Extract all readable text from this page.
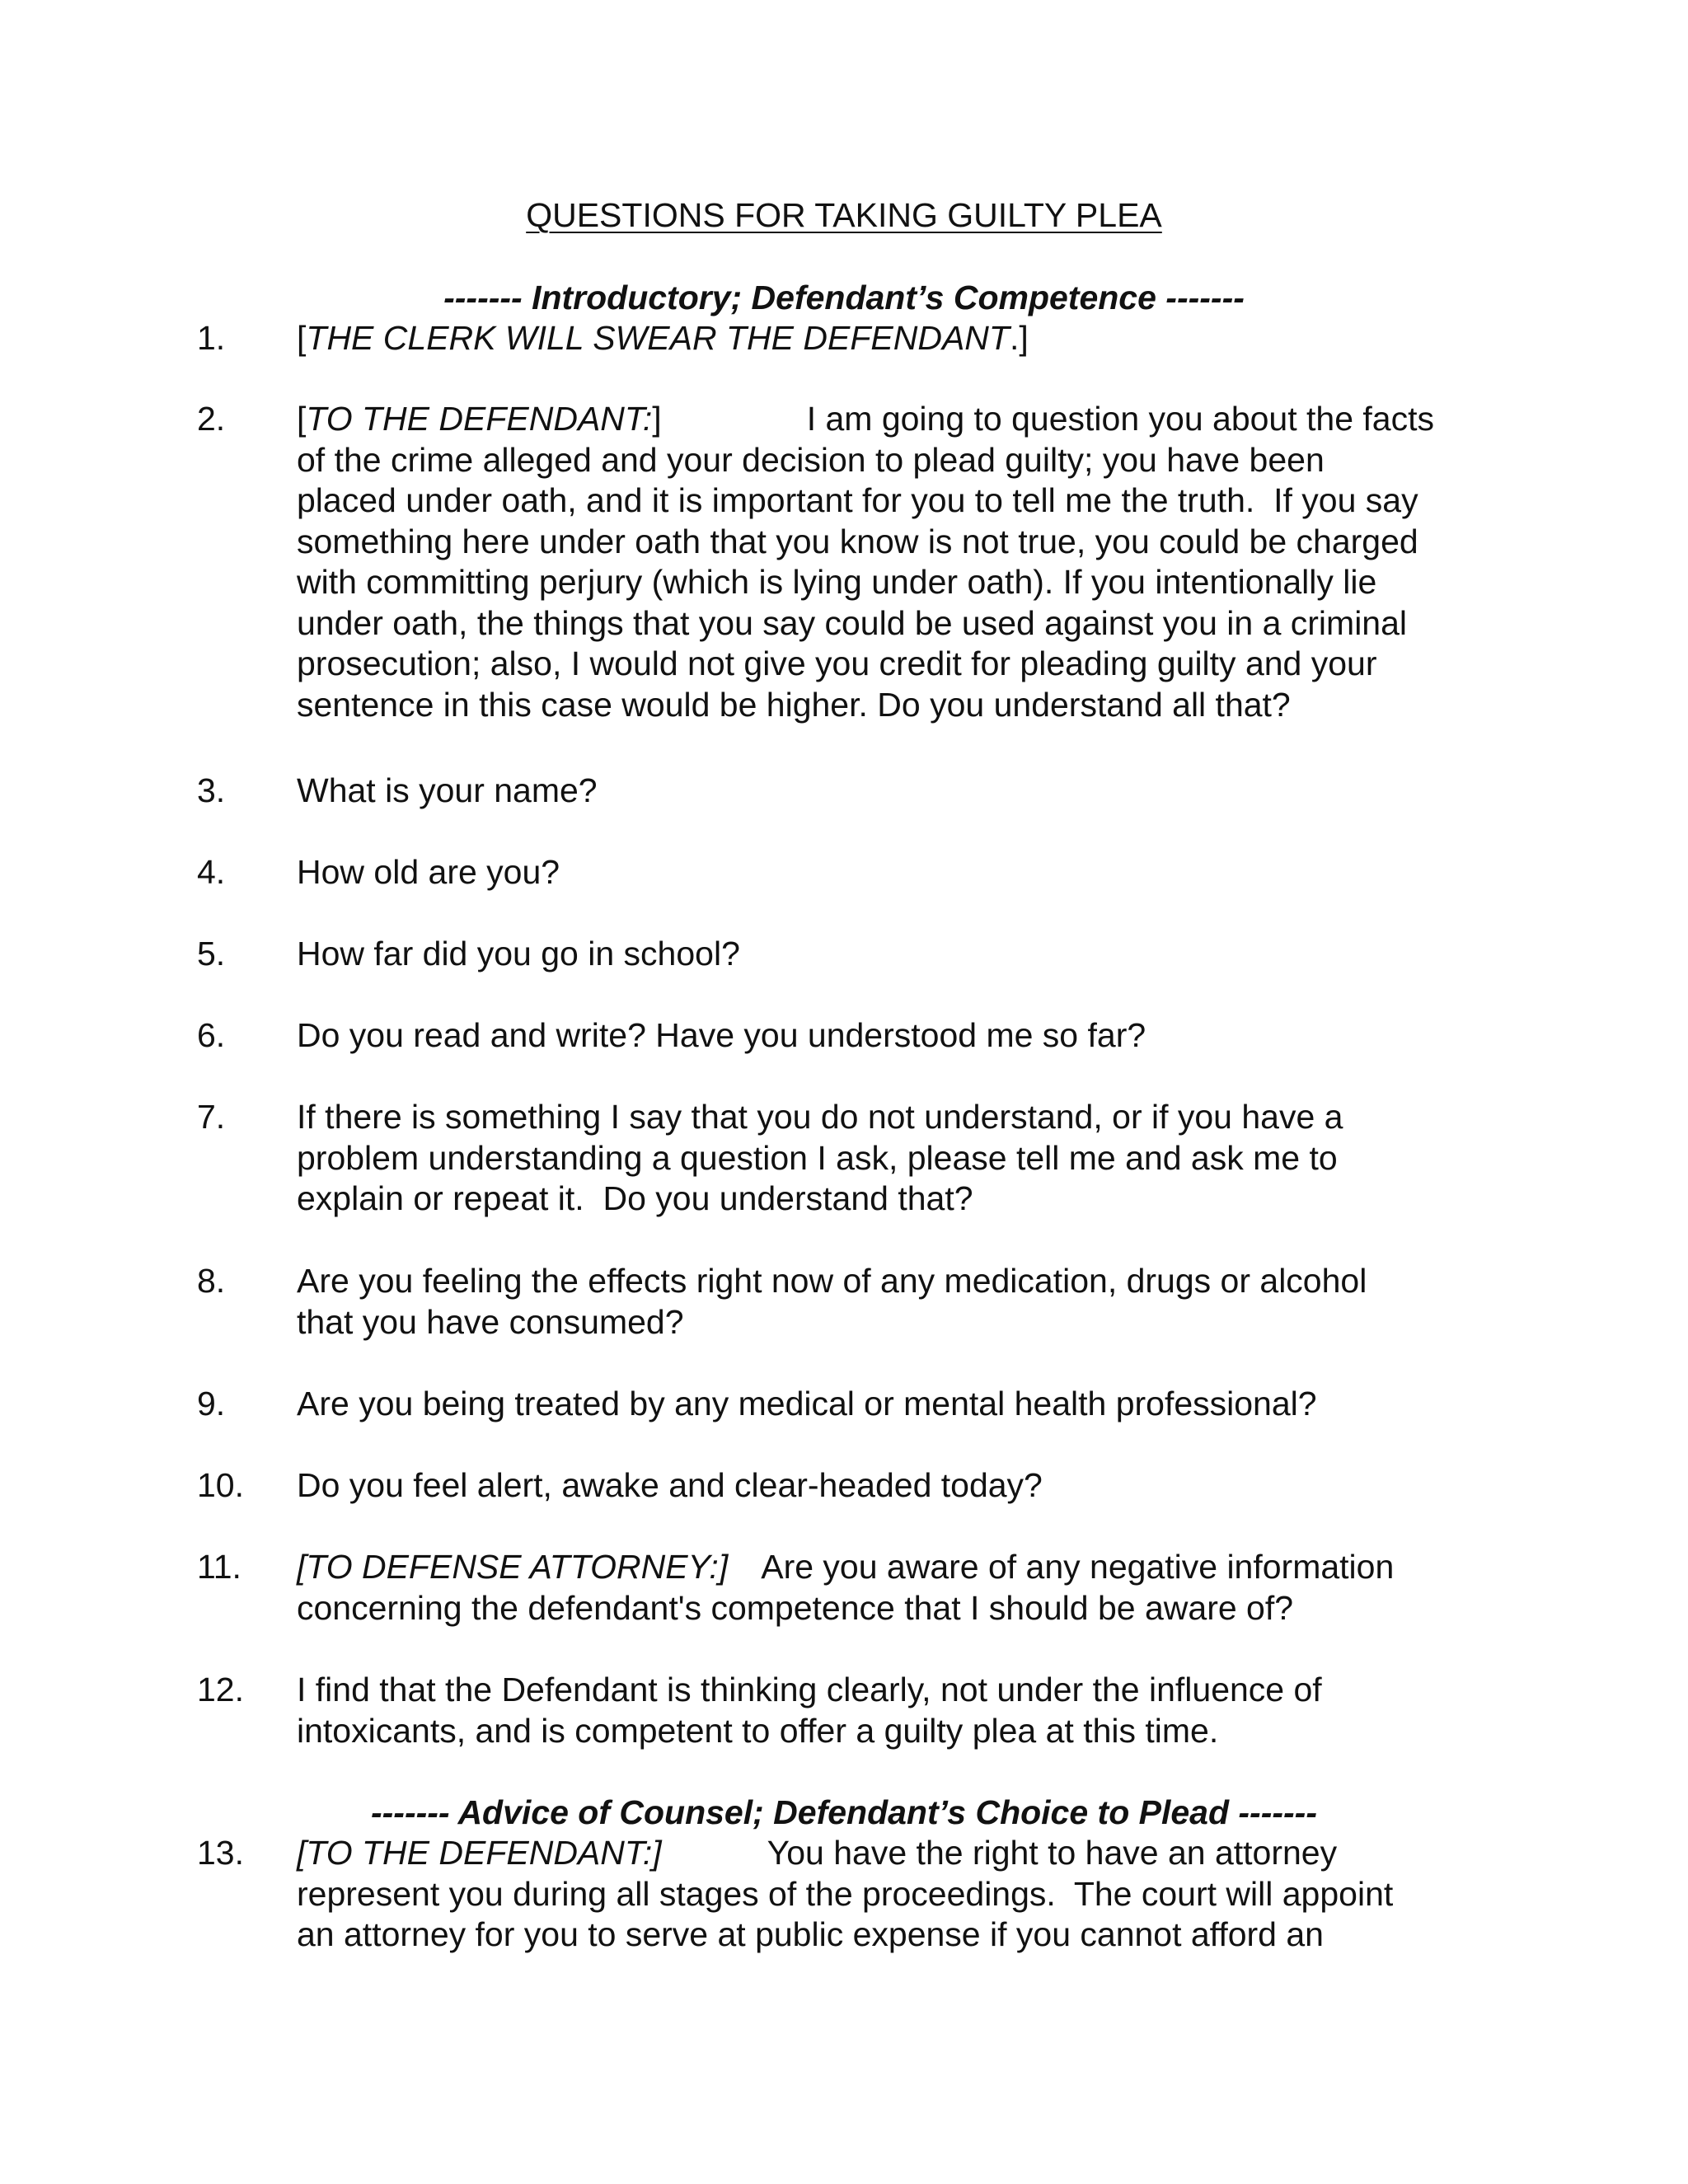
QUESTIONS FOR TAKING GUILTY PLEA
------- Introductory; Defendant’s Competence -------
1. [THE CLERK WILL SWEAR THE DEFENDANT.]
2. [TO THE DEFENDANT:]	I am going to question you about the facts
of the crime alleged and your decision to plead guilty; you have been
placed under oath, and it is important for you to tell me the truth.  If you say
something here under oath that you know is not true, you could be charged
with committing perjury (which is lying under oath). If you intentionally lie
under oath, the things that you say could be used against you in a criminal
prosecution; also, I would not give you credit for pleading guilty and your
sentence in this case would be higher. Do you understand all that?
3. What is your name?
4. How old are you?
5. How far did you go in school?
6. Do you read and write? Have you understood me so far?
7. If there is something I say that you do not understand, or if you have a
problem understanding a question I ask, please tell me and ask me to
explain or repeat it.  Do you understand that?
8. Are you feeling the effects right now of any medication, drugs or alcohol
that you have consumed?
9. Are you being treated by any medical or mental health professional?
10. Do you feel alert, awake and clear-headed today?
11. [TO DEFENSE ATTORNEY:] Are you aware of any negative information
concerning the defendant's competence that I should be aware of?
12. I find that the Defendant is thinking clearly, not under the influence of
intoxicants, and is competent to offer a guilty plea at this time.
------- Advice of Counsel; Defendant’s Choice to Plead -------
13. [TO THE DEFENDANT:]	You have the right to have an attorney
represent you during all stages of the proceedings.  The court will appoint
an attorney for you to serve at public expense if you cannot afford an
